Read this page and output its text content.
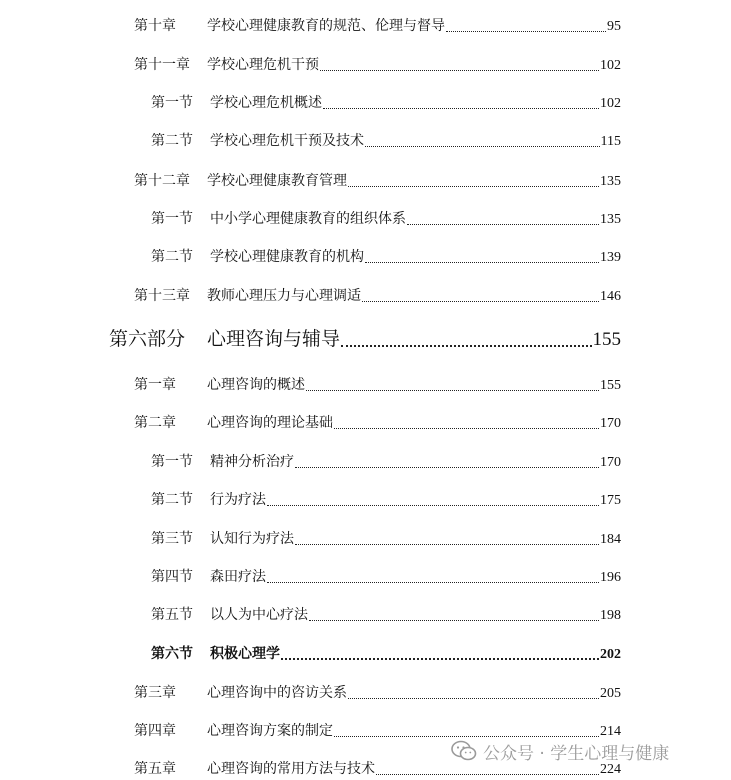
第十章	学校心理健康教育的规范、伦理与督导	95
第十一章	学校心理危机干预	102
第一节	学校心理危机概述	102
第二节	学校心理危机干预及技术	115
第十二章	学校心理健康教育管理	135
第一节	中小学心理健康教育的组织体系	135
第二节	学校心理健康教育的机构	139
第十三章	教师心理压力与心理调适	146
第六部分	心理咨询与辅导	155
第一章	心理咨询的概述	155
第二章	心理咨询的理论基础	170
第一节	精神分析治疗	170
第二节	行为疗法	175
第三节	认知行为疗法	184
第四节	森田疗法	196
第五节	以人为中心疗法	198
第六节	积极心理学	202
第三章	心理咨询中的咨访关系	205
第四章	心理咨询方案的制定	214
第五章	心理咨询的常用方法与技术	224
公众号 · 学生心理与健康
